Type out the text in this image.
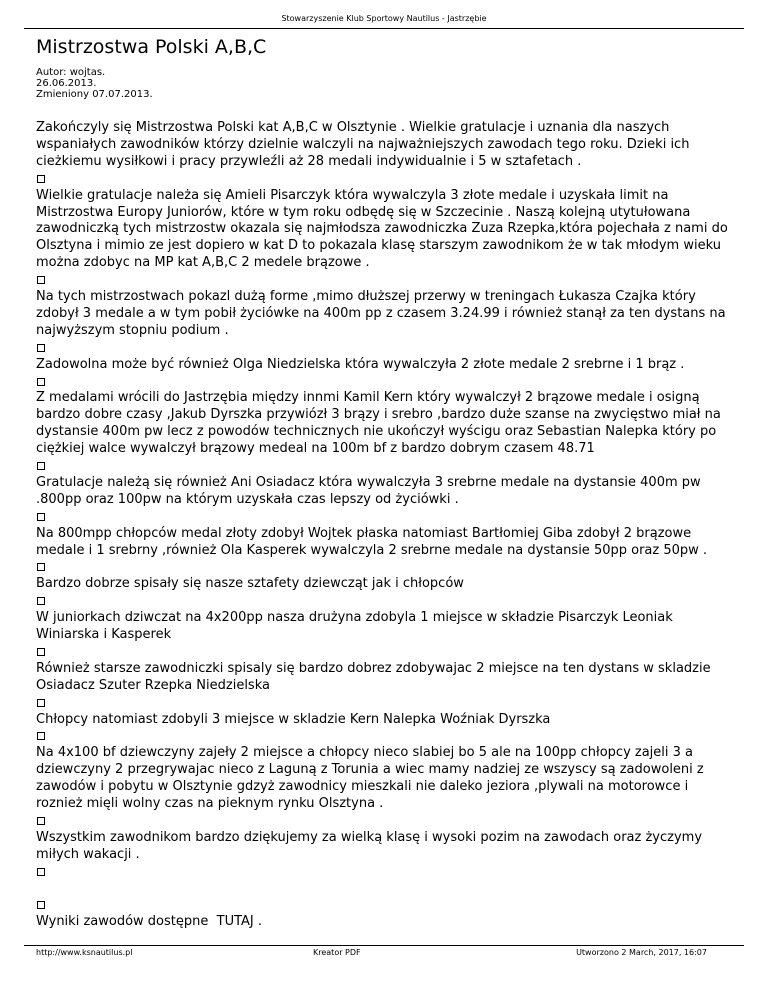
Stowarzyszenie Klub Sportowy Nautilus - Jastrzębie
Mistrzostwa Polski A,B,C
Autor: wojtas.
26.06.2013.
Zmieniony 07.07.2013.

Zakończyly się Mistrzostwa Polski kat A,B,C w Olsztynie . Wielkie gratulacje i uznania dla naszych wspaniałych zawodników którzy dzielnie walczyli na najważniejszych zawodach tego roku. Dzieki ich cieżkiemu wysiłkowi i pracy przywIeźli aż 28 medali indywidualnie i 5 w sztafetach .

Wielkie gratulacje należa się Amieli Pisarczyk która wywalczyla 3 złote medale i uzyskała limit na Mistrzostwa Europy Juniorów, które w tym roku odbędę się w Szczecinie . Naszą kolejną utytułowana zawodniczką tych mistrzostw okazala się najmłodsza zawodniczka Zuza Rzepka,która pojechała z nami do Olsztyna i mimio ze jest dopiero w kat D to pokazala klasę starszym zawodnikom że w tak młodym wieku można zdobyc na MP kat A,B,C 2 medele brązowe .

Na tych mistrzostwach pokazl dużą forme ,mimo dłuższej przerwy w treningach Łukasza Czajka który zdobył 3 medale a w tym pobił życiówke na 400m pp z czasem 3.24.99 i również stanął za ten dystans na najwyższym stopniu podium .

Zadowolna może być również Olga Niedzielska która wywalczyła 2 złote medale 2 srebrne i 1 brąz .

Z medalami wrócili do Jastrzębia między innmi Kamil Kern który wywalczył 2 brązowe medale i osigną bardzo dobre czasy ,Jakub Dyrszka przywiózł 3 brązy i srebro ,bardzo duże szanse na zwycięstwo miał na dystansie 400m pw lecz z powodów technicznych nie ukończył wyścigu oraz Sebastian Nalepka który po ciężkiej walce wywalczył brązowy medeal na 100m bf z bardzo dobrym czasem 48.71

Gratulacje należą się również Ani Osiadacz która wywalczyła 3 srebrne medale na dystansie 400m pw .800pp oraz 100pw na którym uzyskała czas lepszy od życiówki .

Na 800mpp chłopców medal złoty zdobył Wojtek płaska natomiast Bartłomiej Giba zdobył 2 brązowe medale i 1 srebrny ,również Ola Kasperek wywalczyla 2 srebrne medale na dystansie 50pp oraz 50pw .

Bardzo dobrze spisały się nasze sztafety dziewcząt jak i chłopców

W juniorkach dziwczat na 4x200pp nasza drużyna zdobyla 1 miejsce w składzie Pisarczyk Leoniak Winiarska i Kasperek

Również starsze zawodniczki spisaly się bardzo dobrez zdobywajac 2 miejsce na ten dystans w skladzie Osiadacz Szuter Rzepka Niedzielska

Chłopcy natomiast zdobyli 3 miejsce w skladzie Kern Nalepka Woźniak Dyrszka

Na 4x100 bf dziewczyny zajeły 2 miejsce a chłopcy nieco slabiej bo 5 ale na 100pp chłopcy zajeli 3 a dziewczyny 2 przegrywajac nieco z Laguną z Torunia a wiec mamy nadziej ze wszyscy są zadowoleni z zawodów i pobytu w Olsztynie gdzyż zawodnicy mieszkali nie daleko jeziora ,plywali na motorowce i roznież mięli wolny czas na pieknym rynku Olsztyna .

Wszystkim zawodnikom bardzo dziękujemy za wielką klasę i wysoki pozim na zawodach oraz życzymy miłych wakacji .

Wyniki zawodów dostępne  TUTAJ .

http://www.ksnautilus.pl	Kreator PDF	Utworzono 2 March, 2017, 16:07
